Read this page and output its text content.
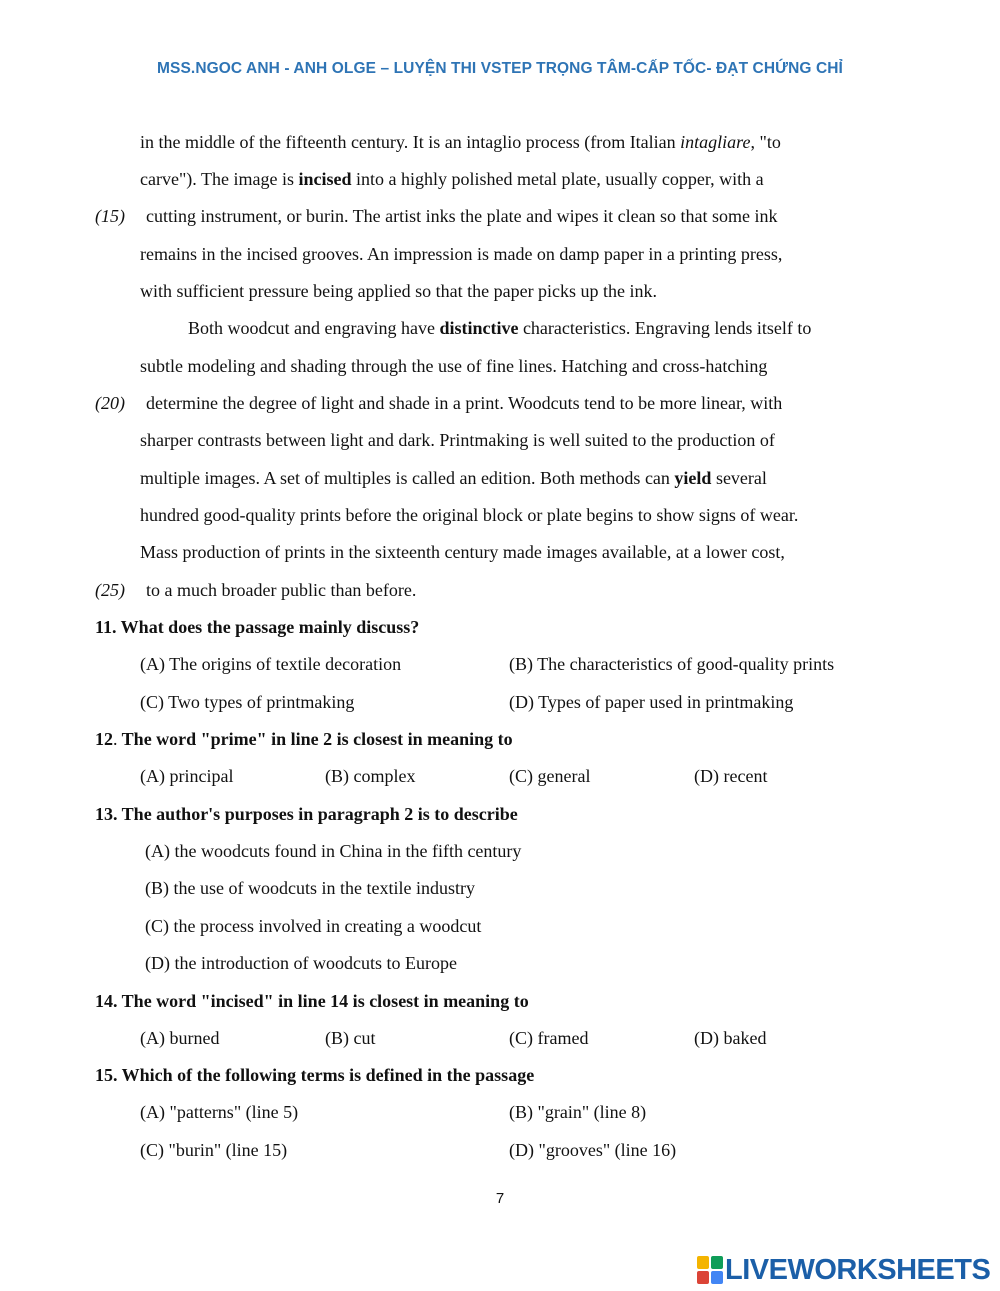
MSS.NGOC ANH - ANH OLGE – LUYỆN THI VSTEP TRỌNG TÂM-CẤP TỐC- ĐẠT CHỨNG CHỈ
in the middle of the fifteenth century. It is an intaglio process (from Italian intagliare, "to
carve"). The image is incised into a highly polished metal plate, usually copper, with a
(15) cutting instrument, or burin. The artist inks the plate and wipes it clean so that some ink
remains in the incised grooves. An impression is made on damp paper in a printing press,
with sufficient pressure being applied so that the paper picks up the ink.
Both woodcut and engraving have distinctive characteristics. Engraving lends itself to
subtle modeling and shading through the use of fine lines. Hatching and cross-hatching
(20) determine the degree of light and shade in a print. Woodcuts tend to be more linear, with
sharper contrasts between light and dark. Printmaking is well suited to the production of
multiple images. A set of multiples is called an edition. Both methods can yield several
hundred good-quality prints before the original block or plate begins to show signs of wear.
Mass production of prints in the sixteenth century made images available, at a lower cost,
(25) to a much broader public than before.
11. What does the passage mainly discuss?
(A) The origins of textile decoration	(B) The characteristics of good-quality prints
(C) Two types of printmaking	(D) Types of paper used in printmaking
12. The word "prime" in line 2 is closest in meaning to
(A) principal	(B) complex	(C) general	(D) recent
13. The author's purposes in paragraph 2 is to describe
(A) the woodcuts found in China in the fifth century
(B) the use of woodcuts in the textile industry
(C) the process involved in creating a woodcut
(D) the introduction of woodcuts to Europe
14. The word "incised" in line 14 is closest in meaning to
(A) burned	(B) cut	(C) framed	(D) baked
15. Which of the following terms is defined in the passage
(A) "patterns" (line 5)	(B) "grain" (line 8)
(C) "burin" (line 15)	(D) "grooves" (line 16)
7
LIVEWORKSHEETS
